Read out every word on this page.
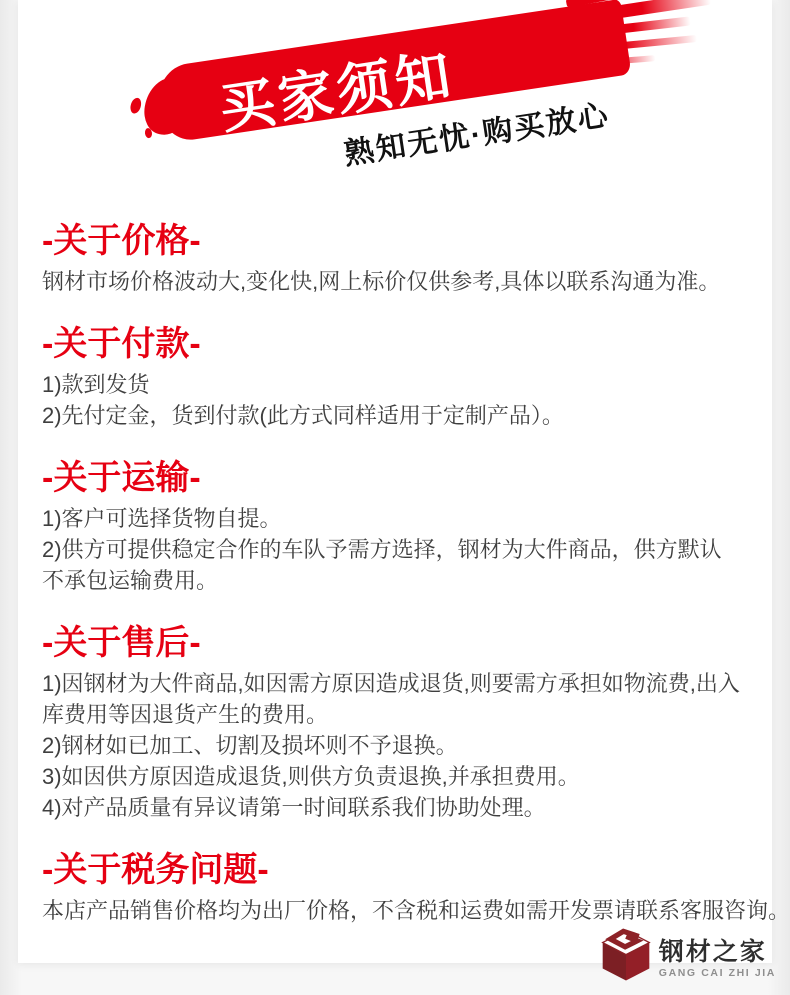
买家须知
熟知无忧·购买放心
-关于价格-
钢材市场价格波动大,变化快,网上标价仅供参考,具体以联系沟通为准。
-关于付款-
1)款到发货
2)先付定金，货到付款(此方式同样适用于定制产品）。
-关于运输-
1)客户可选择货物自提。
2)供方可提供稳定合作的车队予需方选择，钢材为大件商品，供方默认
不承包运输费用。
-关于售后-
1)因钢材为大件商品,如因需方原因造成退货,则要需方承担如物流费,出入
库费用等因退货产生的费用。
2)钢材如已加工、切割及损坏则不予退换。
3)如因供方原因造成退货,则供方负责退换,并承担费用。
4)对产品质量有异议请第一时间联系我们协助处理。
-关于税务问题-
本店产品销售价格均为出厂价格，不含税和运费如需开发票请联系客服咨询。
钢材之家
GANG CAI ZHI JIA
